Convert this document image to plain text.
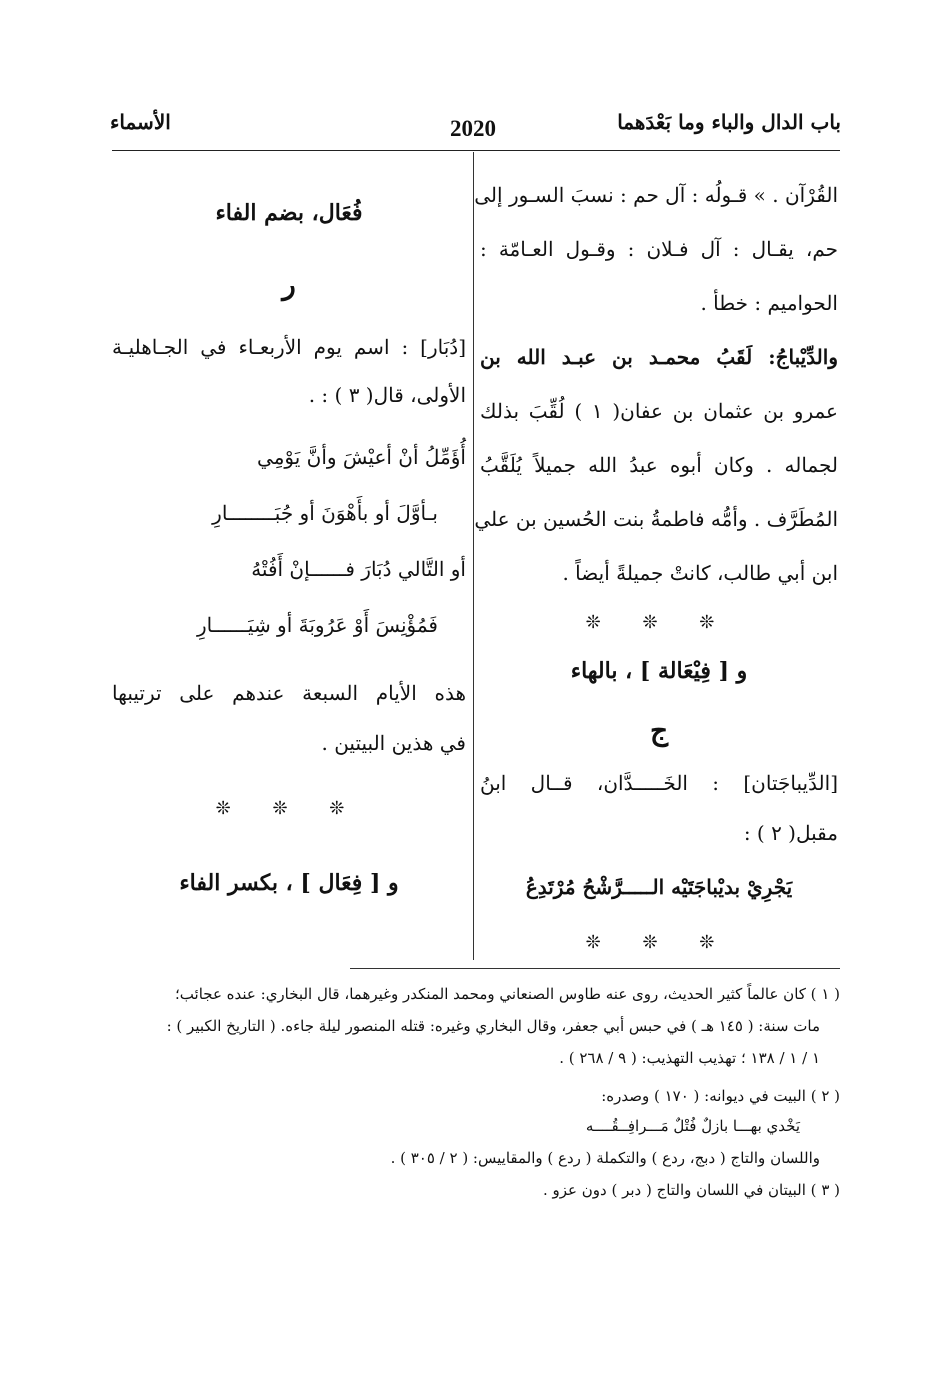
باب الدال والباء وما بَعْدَهما
2020
الأسماء
القُرْآن . » قـولُه : آل حم : نسبَ السـور إلى
حم، يقـال : آل فـلان : وقـول العـامّة :
الحواميم : خطأ .
والدِّيْباجُ: لَقَبُ محمـد بن عبـد الله بن
عمرو بن عثمان بن عفان( ١ ) لُقِّبَ بذلك
لجماله . وكان أبوه عبدُ الله جميلاً يُلَقَّبُ
المُطَرَّف . وأمُّه فاطمةُ بنت الحُسين بن علي
ابن أبي طالب، كانتْ جميلةً أيضاً .
❊ ❊ ❊
و [ فِيْعَالة ] ، بالهاء
ج
[الدِّيباجَتان] : الخَـــــدَّان، قــال ابنُ
مقبل( ٢ ) :
يَجْرِيْ بديْباجَتَيْه الـــــرَّشْحُ مُرْتَدِعُ
❊ ❊ ❊
فُعَال، بضم الفاء
ر
[دُبَار] : اسم يوم الأربعـاء في الجـاهليـة
الأولى، قال( ٣ ) : .
أُؤَمِّلُ أنْ أعيْشَ وأنَّ يَوْمِي
بـأوَّلَ أو بأَهْوَنَ أو جُبَــــــــارِ
أو التَّالي دُبَارَ فــــــإنْ أَفُتْهُ
فَمُؤْنِسَ أَوْ عَرُوبَةَ أو شِيَــــــارِ
هذه الأيام السبعة عندهم على ترتيبها
في هذين البيتين .
❊ ❊ ❊
و [ فِعَال ] ، بكسر الفاء
( ١ ) كان عالماً كثير الحديث، روى عنه طاوس الصنعاني ومحمد المنكدر وغيرهما، قال البخاري: عنده عجائب؛
مات سنة: ( ١٤٥ هـ ) في حبس أبي جعفر، وقال البخاري وغيره: قتله المنصور ليلة جاءه. ( التاريخ الكبير ) :
١ / ١ / ١٣٨ ؛ تهذيب التهذيب: ( ٩ / ٢٦٨ ) .
( ٢ ) البيت في ديوانه: ( ١٧٠ ) وصدره:
يَخْدي بهـــا بازلٌ فُتْلٌ مَـــرافِــقُــــه
واللسان والتاج ( دبج، ردع ) والتكملة ( ردع ) والمقاييس: ( ٢ / ٣٠٥ ) .
( ٣ ) البيتان في اللسان والتاج ( دبر ) دون عزو .
